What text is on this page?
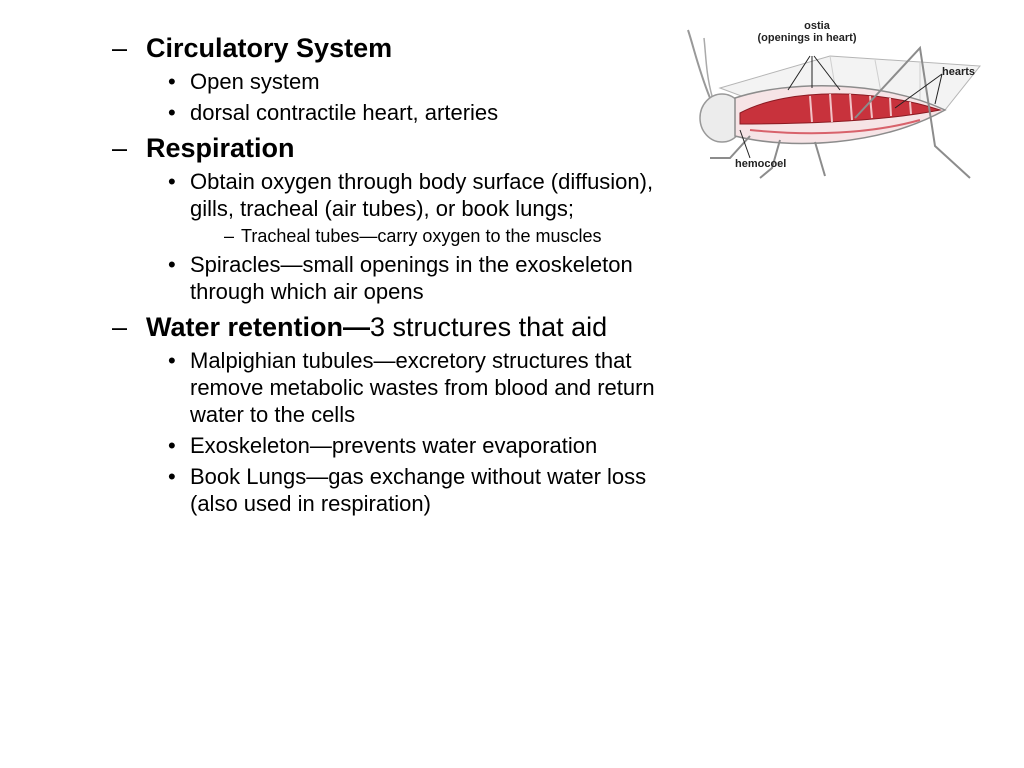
– Circulatory System
• Open system
• dorsal contractile heart, arteries
– Respiration
• Obtain oxygen through body surface (diffusion), gills, tracheal (air tubes), or book lungs;
– Tracheal tubes—carry oxygen to the muscles
• Spiracles—small openings in the exoskeleton through which air opens
– Water retention—3 structures that aid
• Malpighian tubules—excretory structures that remove metabolic wastes from blood and return water to the cells
• Exoskeleton—prevents water evaporation
• Book Lungs—gas exchange without water loss (also used in respiration)
ostia
(openings in heart)
hearts
hemocoel
